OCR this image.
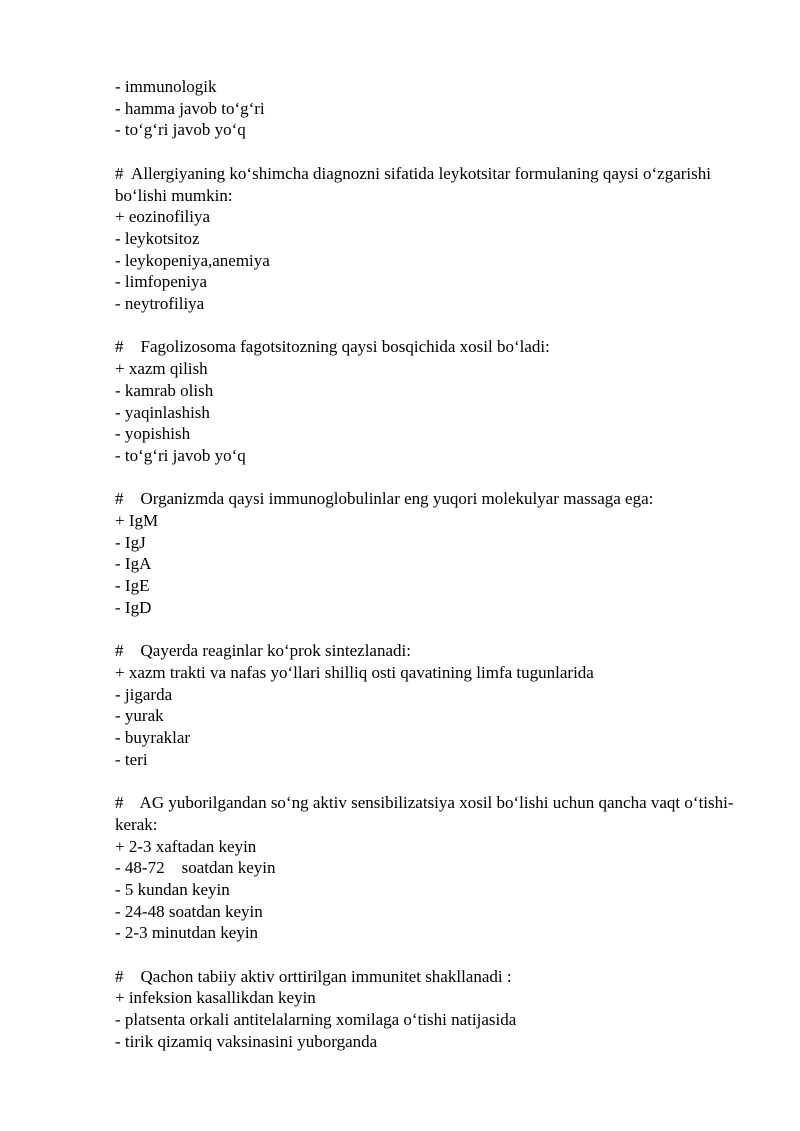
- immunologik
- hamma javob to‘g‘ri
- to‘g‘ri javob yo‘q
#  Allergiyaning ko‘shimcha diagnozni sifatida leykotsitar formulaning qaysi o‘zgarishi bo‘lishi mumkin:
+ eozinofiliya
- leykotsitoz
- leykopeniya,anemiya
- limfopeniya
- neytrofiliya
#    Fagolizosoma fagotsitozning qaysi bosqichida xosil bo‘ladi:
+ xazm qilish
- kamrab olish
- yaqinlashish
- yopishish
- to‘g‘ri javob yo‘q
#    Organizmda qaysi immunoglobulinlar eng yuqori molekulyar massaga ega:
+ IgM
- IgJ
- IgA
- IgE
- IgD
#    Qayerda reaginlar ko‘prok sintezlanadi:
+ xazm trakti va nafas yo‘llari shilliq osti qavatining limfa tugunlarida
- jigarda
- yurak
- buyraklar
- teri
#    AG yuborilgandan so‘ng aktiv sensibilizatsiya xosil bo‘lishi uchun qancha vaqt o‘tishi- kerak:
+ 2-3 xaftadan keyin
- 48-72    soatdan keyin
- 5 kundan keyin
- 24-48 soatdan keyin
- 2-3 minutdan keyin
#    Qachon tabiiy aktiv orttirilgan immunitet shakllanadi :
+ infeksion kasallikdan keyin
- platsenta orkali antitelalarning xomilaga o‘tishi natijasida
- tirik qizamiq vaksinasini yuborganda
